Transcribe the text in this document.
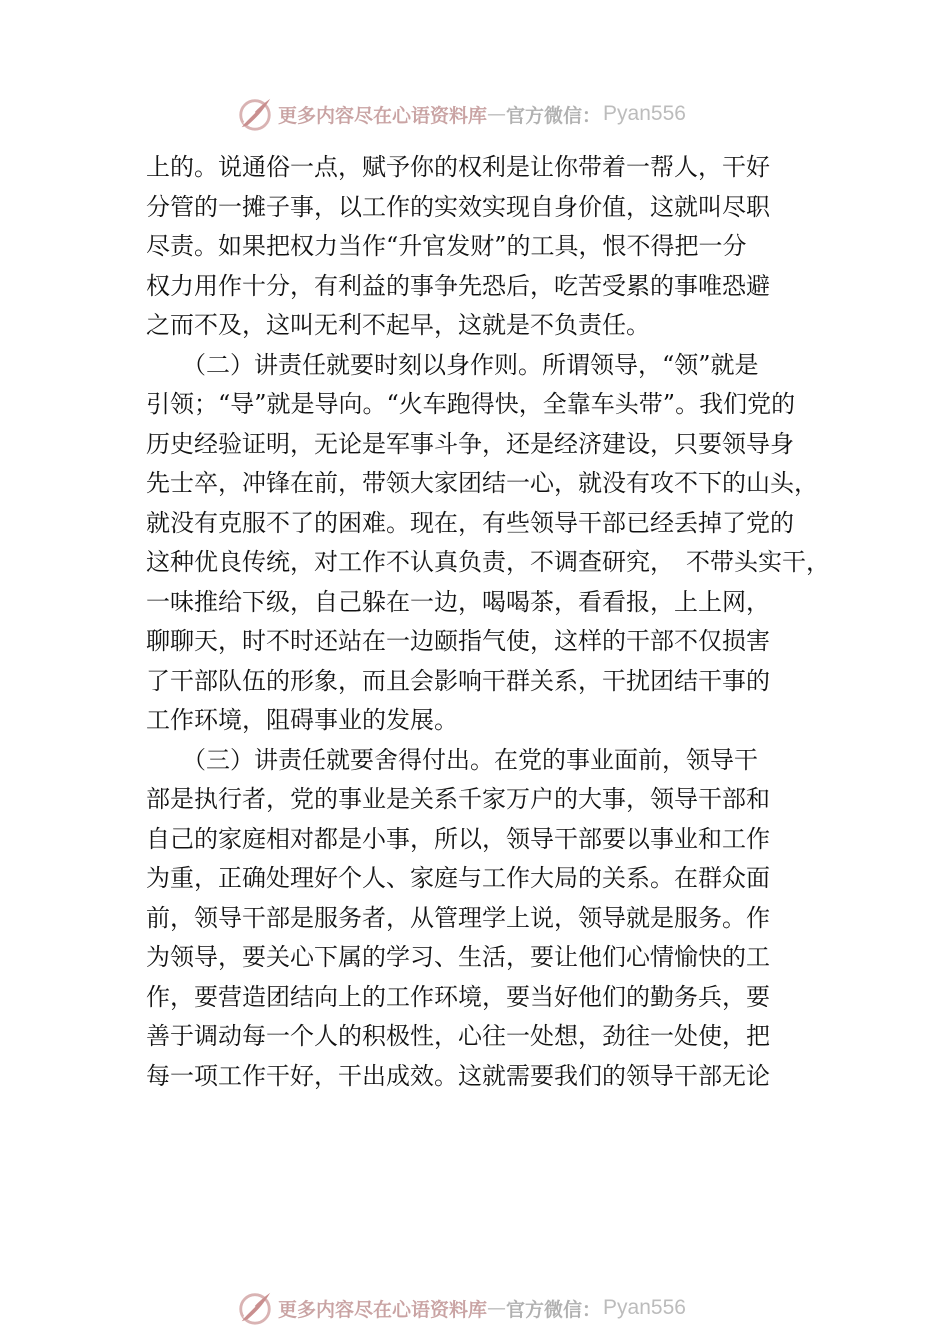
更多内容尽在心语资料库 — 官方微信： Pyan556
上的。说通俗一点，赋予你的权利是让你带着一帮人，干好
分管的一摊子事，以工作的实效实现自身价值，这就叫尽职
尽责。如果把权力当作“升官发财”的工具，恨不得把一分
权力用作十分，有利益的事争先恐后，吃苦受累的事唯恐避
之而不及，这叫无利不起早，这就是不负责任。
　　（二）讲责任就要时刻以身作则。所谓领导，“领”就是
引领；“导”就是导向。“火车跑得快，全靠车头带”。我们党的
历史经验证明，无论是军事斗争，还是经济建设，只要领导身
先士卒，冲锋在前，带领大家团结一心，就没有攻不下的山头，
就没有克服不了的困难。现在，有些领导干部已经丢掉了党的
这种优良传统，对工作不认真负责，不调查研究，　不带头实干，
一味推给下级，自己躲在一边，喝喝茶，看看报，上上网，
聊聊天，时不时还站在一边颐指气使，这样的干部不仅损害
了干部队伍的形象，而且会影响干群关系，干扰团结干事的
工作环境，阻碍事业的发展。
　　（三）讲责任就要舍得付出。在党的事业面前，领导干
部是执行者，党的事业是关系千家万户的大事，领导干部和
自己的家庭相对都是小事，所以，领导干部要以事业和工作
为重，正确处理好个人、家庭与工作大局的关系。在群众面
前，领导干部是服务者，从管理学上说，领导就是服务。作
为领导，要关心下属的学习、生活，要让他们心情愉快的工
作，要营造团结向上的工作环境，要当好他们的勤务兵，要
善于调动每一个人的积极性，心往一处想，劲往一处使，把
每一项工作干好，干出成效。这就需要我们的领导干部无论
更多内容尽在心语资料库 — 官方微信： Pyan556
